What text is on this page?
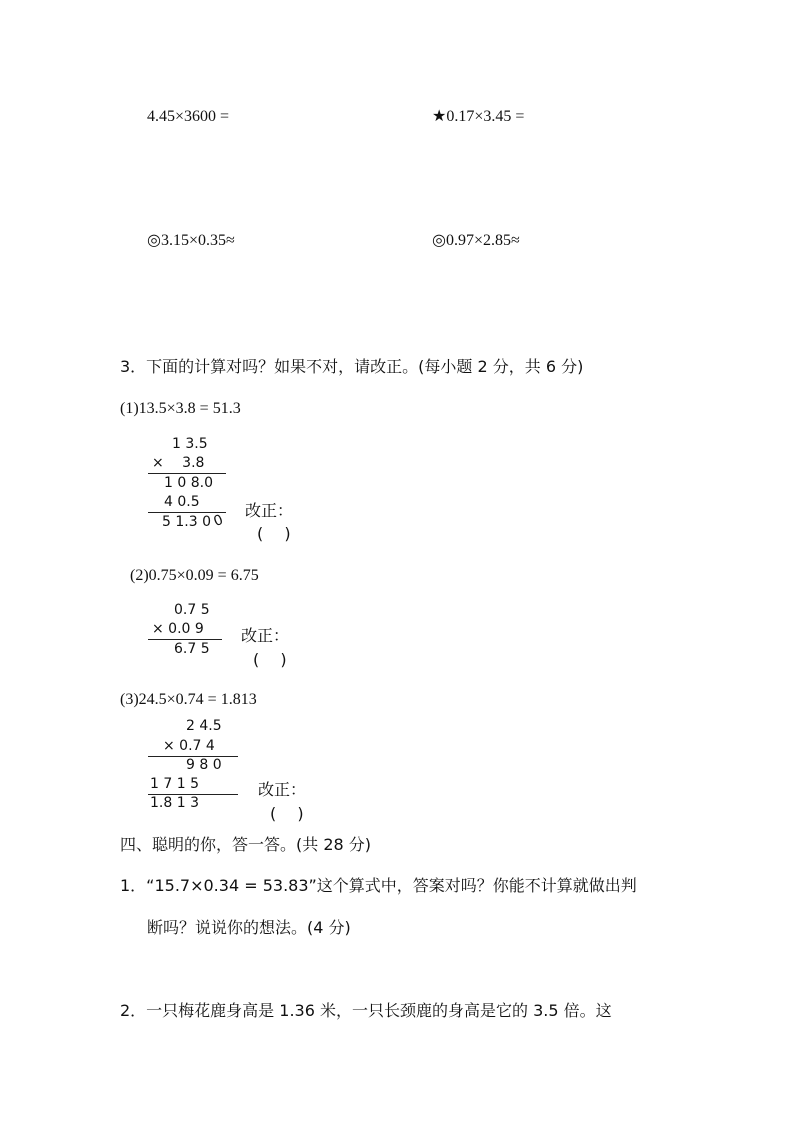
4.45×3600 =	★0.17×3.45 =
◎3.15×0.35≈	◎0.97×2.85≈
3．下面的计算对吗？如果不对，请改正。(每小题 2 分，共 6 分)
(1)13.5×3.8 = 51.3
1 3.5
×　 3.8
1 0 8.0
4 0.5
5 1.3 0 0
改正：
(　 )
(2)0.75×0.09 = 6.75
0.7 5
× 0.0 9
6.7 5
改正：
(　 )
(3)24.5×0.74 = 1.813
2 4.5
× 0.7 4
9 8 0
1 7 1 5
1.8 1 3
改正：
(　 )
四、聪明的你，答一答。(共 28 分)
1．“15.7×0.34 = 53.83”这个算式中，答案对吗？你能不计算就做出判
断吗？说说你的想法。(4 分)
2．一只梅花鹿身高是 1.36 米，一只长颈鹿的身高是它的 3.5 倍。这
